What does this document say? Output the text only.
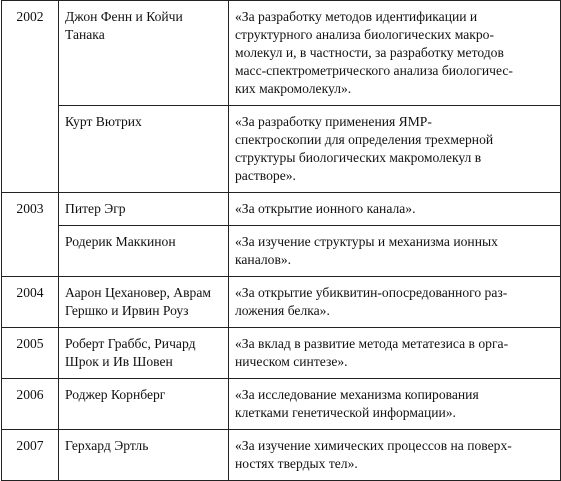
2002	Джон Фенн и Койчи
Танака	«За разработку методов идентификации и
структурного анализа биологических макро-
молекул и, в частности, за разработку методов
масс-спектрометрического анализа биологичес-
ких макромолекул».

	Курт Вютрих	«За разработку применения ЯМР-
спектроскопии для определения трехмерной
структуры биологических макромолекул в
растворе».

2003	Питер Эгр	«За открытие ионного канала».

	Родерик Маккинон	«За изучение структуры и механизма ионных
каналов».

2004	Аарон Цехановер, Аврам
Гершко и Ирвин Роуз	«За открытие убиквитин-опосредованного раз-
ложения белка».

2005	Роберт Граббс, Ричард
Шрок и Ив Шовен	«За вклад в развитие метода метатезиса в орга-
ническом синтезе».

2006	Роджер Корнберг	«За исследование механизма копирования
клетками генетической информации».

2007	Герхард Эртль	«За изучение химических процессов на поверх-
ностях твердых тел».
